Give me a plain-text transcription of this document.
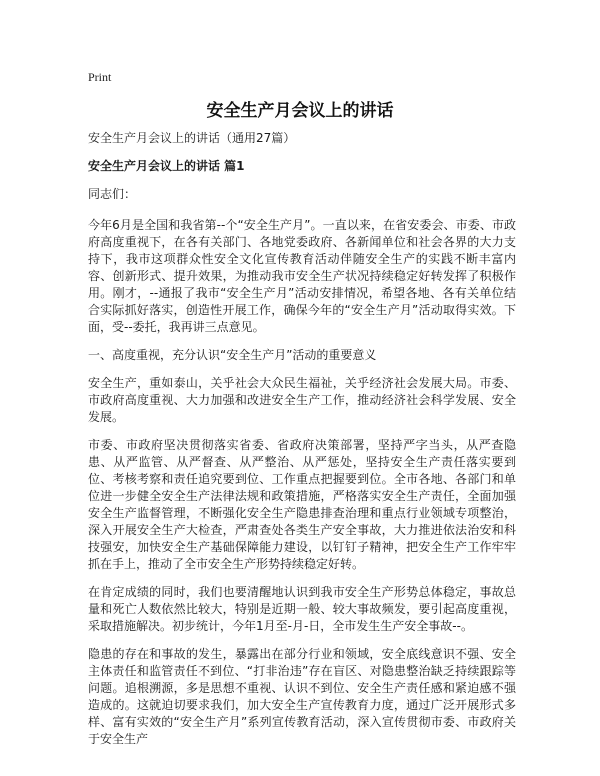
Print
安全生产月会议上的讲话

安全生产月会议上的讲话（通用27篇）

安全生产月会议上的讲话 篇1

同志们：

今年6月是全国和我省第--个“安全生产月”。一直以来，在省安委会、市委、市政府高度重视下，在各有关部门、各地党委政府、各新闻单位和社会各界的大力支持下，我市这项群众性安全文化宣传教育活动伴随安全生产的实践不断丰富内容、创新形式、提升效果，为推动我市安全生产状况持续稳定好转发挥了积极作用。刚才，--通报了我市“安全生产月”活动安排情况，希望各地、各有关单位结合实际抓好落实，创造性开展工作，确保今年的“安全生产月”活动取得实效。下面，受--委托，我再讲三点意见。

一、高度重视，充分认识“安全生产月”活动的重要意义

安全生产，重如泰山，关乎社会大众民生福祉，关乎经济社会发展大局。市委、市政府高度重视、大力加强和改进安全生产工作，推动经济社会科学发展、安全发展。

市委、市政府坚决贯彻落实省委、省政府决策部署，坚持严字当头，从严查隐患、从严监管、从严督查、从严整治、从严惩处，坚持安全生产责任落实要到位、考核考察和责任追究要到位、工作重点把握要到位。全市各地、各部门和单位进一步健全安全生产法律法规和政策措施，严格落实安全生产责任，全面加强安全生产监督管理，不断强化安全生产隐患排查治理和重点行业领域专项整治，深入开展安全生产大检查，严肃查处各类生产安全事故，大力推进依法治安和科技强安，加快安全生产基础保障能力建设，以钉钉子精神，把安全生产工作牢牢抓在手上，推动了全市安全生产形势持续稳定好转。

在肯定成绩的同时，我们也要清醒地认识到我市安全生产形势总体稳定，事故总量和死亡人数依然比较大，特别是近期一般、较大事故频发，要引起高度重视，采取措施解决。初步统计，今年1月至-月-日，全市发生生产安全事故--。

隐患的存在和事故的发生，暴露出在部分行业和领域，安全底线意识不强、安全主体责任和监管责任不到位、“打非治违”存在盲区、对隐患整治缺乏持续跟踪等问题。追根溯源，多是思想不重视、认识不到位、安全生产责任感和紧迫感不强造成的。这就迫切要求我们，加大安全生产宣传教育力度，通过广泛开展形式多样、富有实效的“安全生产月”系列宣传教育活动，深入宣传贯彻市委、市政府关于安全生产
